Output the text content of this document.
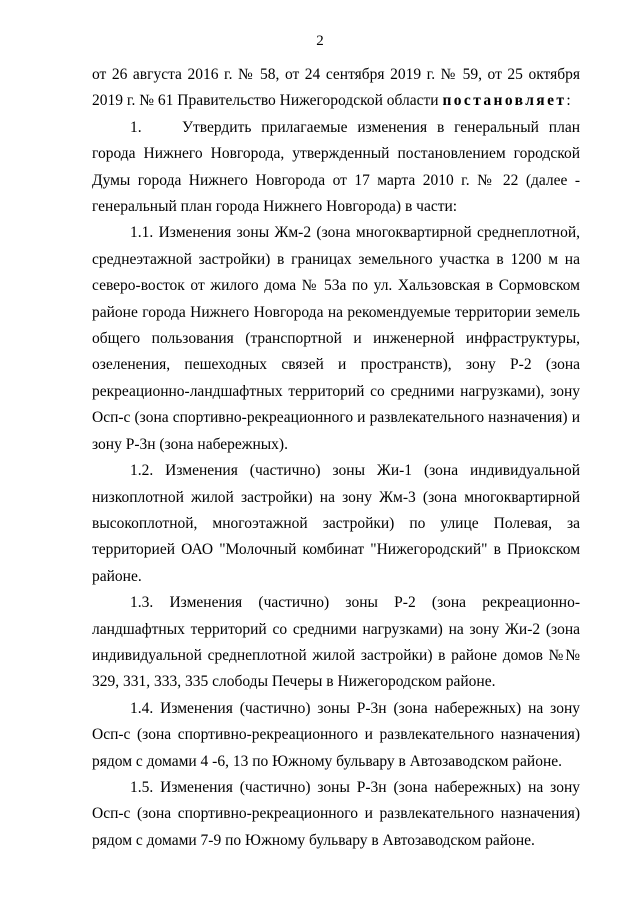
2

от 26 августа 2016 г. № 58, от 24 сентября 2019 г. № 59, от 25 октября 2019 г. № 61 Правительство Нижегородской области постановляет:

1.	Утвердить прилагаемые изменения в генеральный план города Нижнего Новгорода, утвержденный постановлением городской Думы города Нижнего Новгорода от 17 марта 2010 г. № 22 (далее - генеральный план города Нижнего Новгорода) в части:

1.1. Изменения зоны Жм-2 (зона многоквартирной среднеплотной, среднеэтажной застройки) в границах земельного участка в 1200 м на северо-восток от жилого дома № 53а по ул. Хальзовская в Сормовском районе города Нижнего Новгорода на рекомендуемые территории земель общего пользования (транспортной и инженерной инфраструктуры, озеленения, пешеходных связей и пространств), зону Р-2 (зона рекреационно-ландшафтных территорий со средними нагрузками), зону Осп-с (зона спортивно-рекреационного и развлекательного назначения) и зону Р-3н (зона набережных).

1.2. Изменения (частично) зоны Жи-1 (зона индивидуальной низкоплотной жилой застройки) на зону Жм-3 (зона многоквартирной высокоплотной, многоэтажной застройки) по улице Полевая, за территорией ОАО "Молочный комбинат "Нижегородский" в Приокском районе.

1.3. Изменения (частично) зоны Р-2 (зона рекреационно-ландшафтных территорий со средними нагрузками) на зону Жи-2 (зона индивидуальной среднеплотной жилой застройки) в районе домов №№ 329, 331, 333, 335 слободы Печеры в Нижегородском районе.

1.4. Изменения (частично) зоны Р-3н (зона набережных) на зону Осп-с (зона спортивно-рекреационного и развлекательного назначения) рядом с домами 4 -6, 13 по Южному бульвару в Автозаводском районе.

1.5. Изменения (частично) зоны Р-3н (зона набережных) на зону Осп-с (зона спортивно-рекреационного и развлекательного назначения) рядом с домами 7-9 по Южному бульвару в Автозаводском районе.
